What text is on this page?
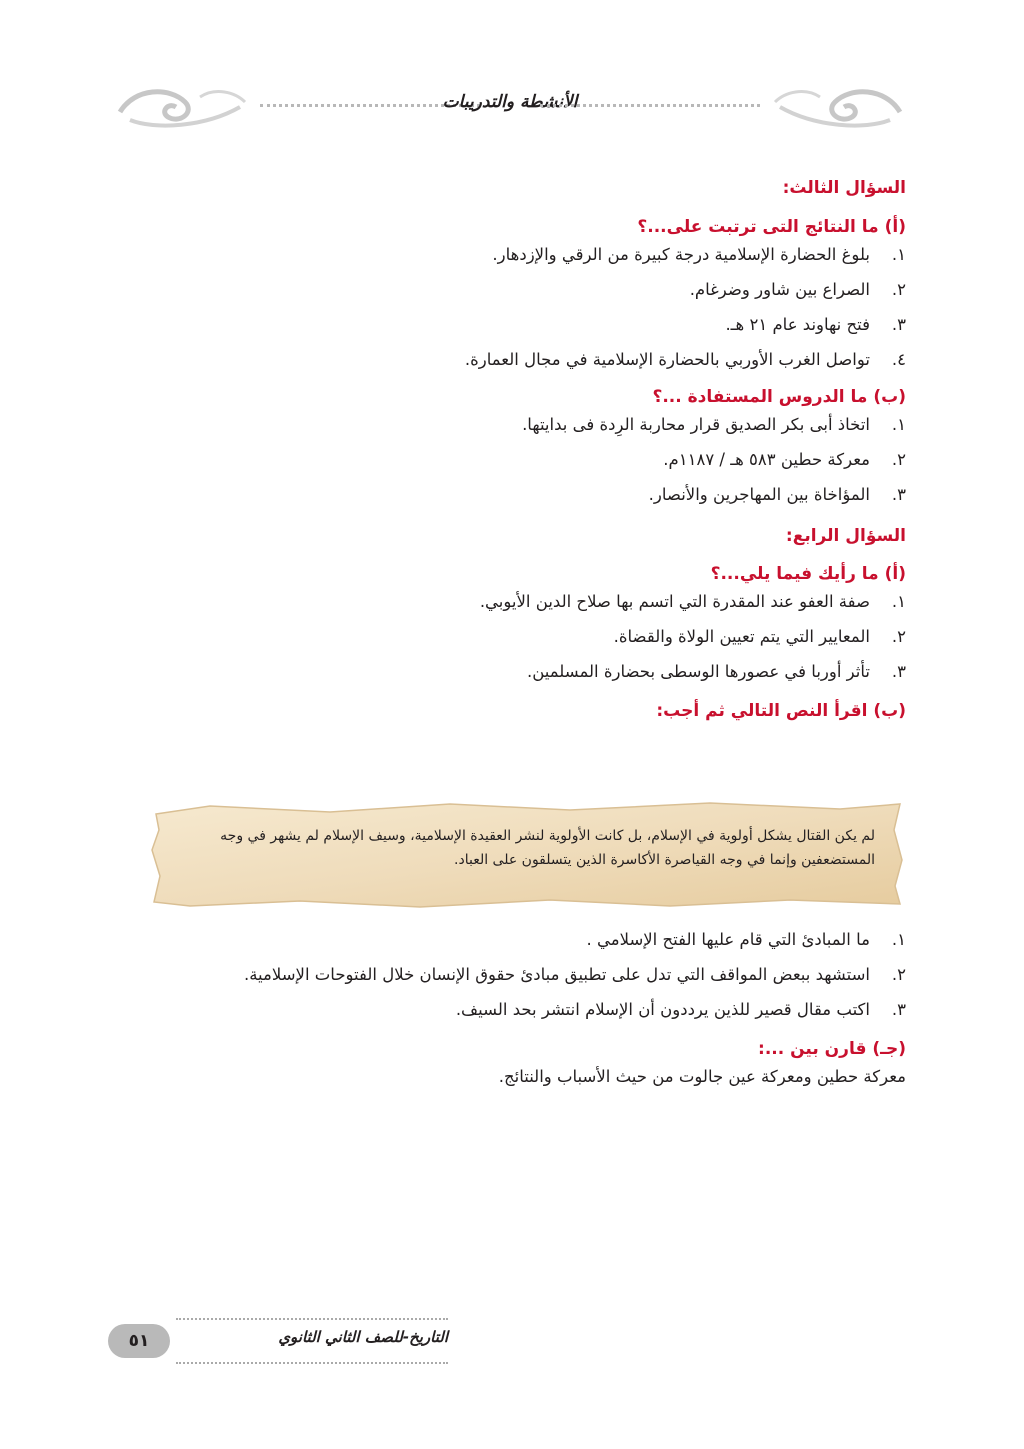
الأنشطة والتدريبات

السؤال الثالث:

(أ) ما النتائج التى ترتبت على...؟

١.
بلوغ الحضارة الإسلامية درجة كبيرة من الرقي والإزدهار.
٢.
الصراع بين شاور وضرغام.
٣.
فتح نهاوند عام ٢١ هـ.
٤.
تواصل الغرب الأوربي بالحضارة الإسلامية في مجال العمارة.

(ب) ما الدروس المستفادة ...؟

١.
اتخاذ أبى بكر الصديق قرار محاربة الرِدة فى بدايتها.
٢.
معركة حطين ٥٨٣ هـ / ١١٨٧م.
٣.
المؤاخاة بين المهاجرين والأنصار.

السؤال الرابع:

(أ) ما رأيك فيما يلي...؟

١.
صفة العفو عند المقدرة التي اتسم بها صلاح الدين الأيوبي.
٢.
المعايير التي يتم تعيين الولاة والقضاة.
٣.
تأثر أوربا في عصورها الوسطى بحضارة المسلمين.

(ب) اقرأ النص التالي ثم أجب:

لم يكن القتال يشكل أولوية في الإسلام، بل كانت الأولوية لنشر العقيدة الإسلامية، وسيف الإسلام لم يشهر في وجه المستضعفين وإنما في وجه القياصرة الأكاسرة الذين يتسلقون على العباد.
١.
ما المبادئ التي قام عليها الفتح الإسلامي .
٢.
استشهد ببعض المواقف التي تدل على تطبيق مبادئ حقوق الإنسان خلال الفتوحات الإسلامية.
٣.
اكتب مقال قصير للذين يرددون أن الإسلام انتشر بحد السيف.

(جـ) قارن بين ...:

معركة حطين ومعركة عين جالوت من حيث الأسباب والنتائج.
٥١	التاريخ-للصف الثاني الثانوي
